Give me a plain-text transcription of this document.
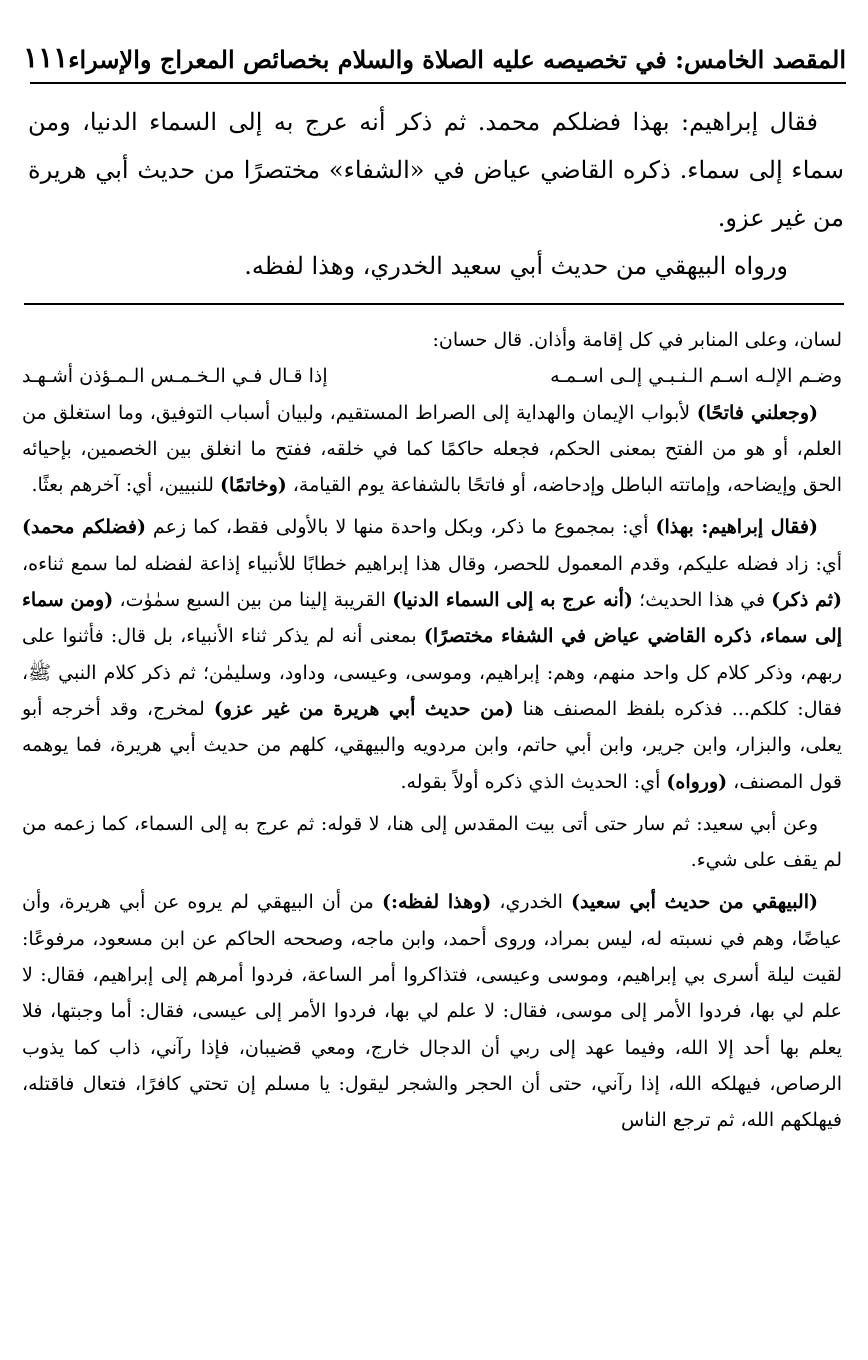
المقصد الخامس: في تخصيصه عليه الصلاة والسلام بخصائص المعراج والإسراء
١١١

فقال إبراهيم: بهذا فضلكم محمد. ثم ذكر أنه عرج به إلى السماء الدنيا، ومن سماء إلى سماء. ذكره القاضي عياض في «الشفاء» مختصرًا من حديث أبي هريرة من غير عزو.

ورواه البيهقي من حديث أبي سعيد الخدري، وهذا لفظه.

لسان، وعلى المنابر في كل إقامة وأذان. قال حسان:

وضـم الإلـه اسـم الـنـبـي إلـى اسـمـه
إذا قـال فـي الـخـمـس الـمـؤذن أشـهـد

(وجعلني فاتحًا) لأبواب الإيمان والهداية إلى الصراط المستقيم، ولبيان أسباب التوفيق، وما استغلق من العلم، أو هو من الفتح بمعنى الحكم، فجعله حاكمًا كما في خلقه، ففتح ما انغلق بين الخصمين، بإحيائه الحق وإيضاحه، وإماتته الباطل وإدحاضه، أو فاتحًا بالشفاعة يوم القيامة، (وخاتمًا) للنبيين، أي: آخرهم بعثًا.

(فقال إبراهيم: بهذا) أي: بمجموع ما ذكر، وبكل واحدة منها لا بالأولى فقط، كما زعم (فضلكم محمد) أي: زاد فضله عليكم، وقدم المعمول للحصر، وقال هذا إبراهيم خطابًا للأنبياء إذاعة لفضله لما سمع ثناءه، (ثم ذكر) في هذا الحديث؛ (أنه عرج به إلى السماء الدنيا) القريبة إلينا من بين السبع سمٰوٰت، (ومن سماء إلى سماء، ذكره القاضي عياض في الشفاء مختصرًا) بمعنى أنه لم يذكر ثناء الأنبياء، بل قال: فأثنوا على ربهم، وذكر كلام كل واحد منهم، وهم: إبراهيم، وموسى، وعيسى، وداود، وسليمٰن؛ ثم ذكر كلام النبي ﷺ، فقال: كلكم... فذكره بلفظ المصنف هنا (من حديث أبي هريرة من غير عزو) لمخرج، وقد أخرجه أبو يعلى، والبزار، وابن جرير، وابن أبي حاتم، وابن مردويه والبيهقي، كلهم من حديث أبي هريرة، فما يوهمه قول المصنف، (ورواه) أي: الحديث الذي ذكره أولاً بقوله.

وعن أبي سعيد: ثم سار حتى أتى بيت المقدس إلى هنا، لا قوله: ثم عرج به إلى السماء، كما زعمه من لم يقف على شيء.

(البيهقي من حديث أبي سعيد) الخدري، (وهذا لفظه:) من أن البيهقي لم يروه عن أبي هريرة، وأن عياضًا، وهم في نسبته له، ليس بمراد، وروى أحمد، وابن ماجه، وصححه الحاكم عن ابن مسعود، مرفوعًا: لقيت ليلة أسرى بي إبراهيم، وموسى وعيسى، فتذاكروا أمر الساعة، فردوا أمرهم إلى إبراهيم، فقال: لا علم لي بها، فردوا الأمر إلى موسى، فقال: لا علم لي بها، فردوا الأمر إلى عيسى، فقال: أما وجبتها، فلا يعلم بها أحد إلا الله، وفيما عهد إلى ربي أن الدجال خارج، ومعي قضيبان، فإذا رآني، ذاب كما يذوب الرصاص، فيهلكه الله، إذا رآني، حتى أن الحجر والشجر ليقول: يا مسلم إن تحتي كافرًا، فتعال فاقتله، فيهلكهم الله، ثم ترجع الناس
